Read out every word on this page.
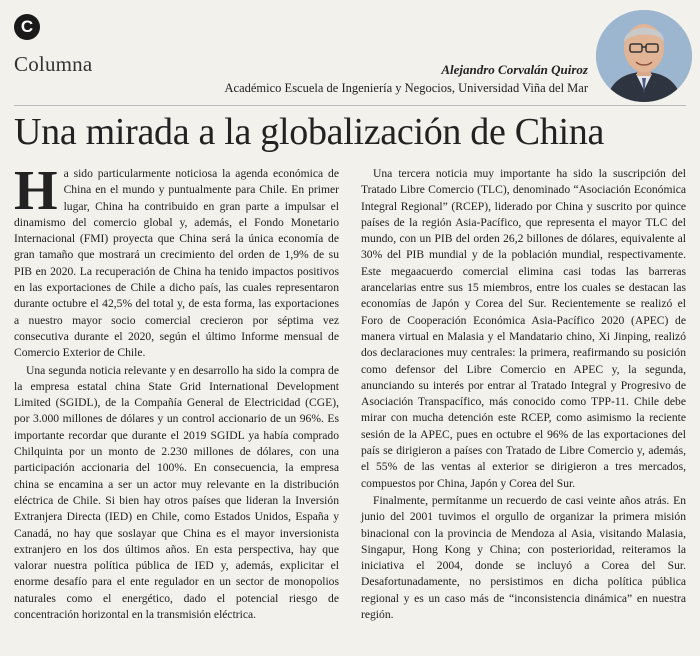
C
Columna	Alejandro Corvalán Quiroz
Académico Escuela de Ingeniería y Negocios, Universidad Viña del Mar
Una mirada a la globalización de China

Ha sido particularmente noticiosa la agenda económica de China en el mundo y puntualmente para Chile. En primer lugar, China ha contribuido en gran parte a impulsar el dinamismo del comercio global y, además, el Fondo Monetario Internacional (FMI) proyecta que China será la única economía de gran tamaño que mostrará un crecimiento del orden de 1,9% de su PIB en 2020. La recuperación de China ha tenido impactos positivos en las exportaciones de Chile a dicho país, las cuales representaron durante octubre el 42,5% del total y, de esta forma, las exportaciones a nuestro mayor socio comercial crecieron por séptima vez consecutiva durante el 2020, según el último Informe mensual de Comercio Exterior de Chile.

Una segunda noticia relevante y en desarrollo ha sido la compra de la empresa estatal china State Grid International Development Limited (SGIDL), de la Compañía General de Electricidad (CGE), por 3.000 millones de dólares y un control accionario de un 96%. Es importante recordar que durante el 2019 SGIDL ya había comprado Chilquinta por un monto de 2.230 millones de dólares, con una participación accionaria del 100%. En consecuencia, la empresa china se encamina a ser un actor muy relevante en la distribución eléctrica de Chile. Si bien hay otros países que lideran la Inversión Extranjera Directa (IED) en Chile, como Estados Unidos, España y Canadá, no hay que soslayar que China es el mayor inversionista extranjero en los dos últimos años. En esta perspectiva, hay que valorar nuestra política pública de IED y, además, explicitar el enorme desafío para el ente regulador en un sector de monopolios naturales como el energético, dado el potencial riesgo de concentración horizontal en la transmisión eléctrica.

Una tercera noticia muy importante ha sido la suscripción del Tratado Libre Comercio (TLC), denominado “Asociación Económica Integral Regional” (RCEP), liderado por China y suscrito por quince países de la región Asia-Pacífico, que representa el mayor TLC del mundo, con un PIB del orden 26,2 billones de dólares, equivalente al 30% del PIB mundial y de la población mundial, respectivamente. Este megaacuerdo comercial elimina casi todas las barreras arancelarias entre sus 15 miembros, entre los cuales se destacan las economías de Japón y Corea del Sur. Recientemente se realizó el Foro de Cooperación Económica Asia-Pacífico 2020 (APEC) de manera virtual en Malasia y el Mandatario chino, Xi Jinping, realizó dos declaraciones muy centrales: la primera, reafirmando su posición como defensor del Libre Comercio en APEC y, la segunda, anunciando su interés por entrar al Tratado Integral y Progresivo de Asociación Transpacífico, más conocido como TPP-11. Chile debe mirar con mucha detención este RCEP, como asimismo la reciente sesión de la APEC, pues en octubre el 96% de las exportaciones del país se dirigieron a países con Tratado de Libre Comercio y, además, el 55% de las ventas al exterior se dirigieron a tres mercados, compuestos por China, Japón y Corea del Sur.

Finalmente, permítanme un recuerdo de casi veinte años atrás. En junio del 2001 tuvimos el orgullo de organizar la primera misión binacional con la provincia de Mendoza al Asia, visitando Malasia, Singapur, Hong Kong y China; con posterioridad, reiteramos la iniciativa el 2004, donde se incluyó a Corea del Sur. Desafortunadamente, no persistimos en dicha política pública regional y es un caso más de “inconsistencia dinámica” en nuestra región.
